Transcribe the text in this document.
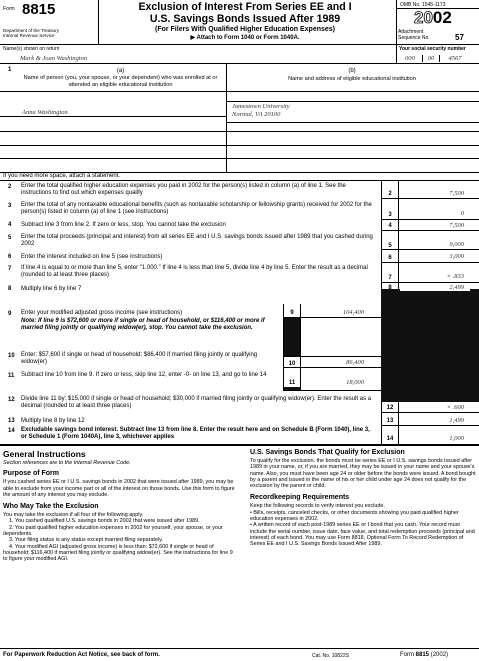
Form 8815
Department of the Treasury
Internal Revenue Service
Exclusion of Interest From Series EE and I
U.S. Savings Bonds Issued After 1989
(For Filers With Qualified Higher Education Expenses)
▶ Attach to Form 1040 or Form 1040A.
OMB No. 1545-1173
2002
Attachment
Sequence No.	57
Name(s) shown on return
Mark & Joan Washington
Your social security number
000 00 4567
1	(a)
Name of person (you, your spouse, or your dependent) who was enrolled at or attended an eligible educational institution
(b)
Name and address of eligible educational institution
Anna Washington
Jamestown University
Normal, VA 20100
If you need more space, attach a statement.
2	Enter the total qualified higher education expenses you paid in 2002 for the person(s) listed in column (a) of line 1. See the instructions to find out which expenses qualify	2	7,500
3	Enter the total of any nontaxable educational benefits (such as nontaxable scholarship or fellowship grants) received for 2002 for the person(s) listed in column (a) of line 1 (see instructions)	3	0
4	Subtract line 3 from line 2. If zero or less, stop. You cannot take the exclusion	4	7,500
5	Enter the total proceeds (principal and interest) from all series EE and I U.S. savings bonds issued after 1989 that you cashed during 2002	5	9,000
6	Enter the interest included on line 5 (see instructions)	6	3,000
7	If line 4 is equal to or more than line 5, enter "1.000." If line 4 is less than line 5, divide line 4 by line 5. Enter the result as a decimal (rounded to at least three places)	7	× .833
8	Multiply line 6 by line 7	8	2,499
9	Enter your modified adjusted gross income (see instructions)
Note: If line 9 is $72,600 or more if single or head of household, or $116,400 or more if married filing jointly or qualifying widow(er), stop. You cannot take the exclusion.
9	104,400
10 Enter: $57,600 if single or head of household; $86,400 if married filing jointly or qualifying widow(er)	10	86,400
11 Subtract line 10 from line 9. If zero or less, skip line 12, enter -0- on line 13, and go to line 14
11	18,000
12 Divide line 11 by: $15,000 if single or head of household; $30,000 if married filing jointly or qualifying widow(er). Enter the result as a decimal (rounded to at least three places)	12	× .600
13 Multiply line 8 by line 12	13	1,499
14 Excludable savings bond interest. Subtract line 13 from line 8. Enter the result here and on Schedule B (Form 1040), line 3, or Schedule 1 (Form 1040A), line 3, whichever applies	14	1,000
General Instructions
Section references are to the Internal Revenue Code.
Purpose of Form
If you cashed series EE or I U.S. savings bonds in 2002 that were issued after 1989, you may be able to exclude from your income part or all of the interest on those bonds. Use this form to figure the amount of any interest you may exclude.
Who May Take the Exclusion
You may take the exclusion if all four of the following apply.
1. You cashed qualified U.S. savings bonds in 2002 that were issued after 1989.
2. You paid qualified higher education expenses in 2002 for yourself, your spouse, or your dependents.
3. Your filing status is any status except married filing separately.
4. Your modified AGI (adjusted gross income) is less than: $72,600 if single or head of household; $116,400 if married filing jointly or qualifying widow(er). See the instructions for line 9 to figure your modified AGI.
U.S. Savings Bonds That Qualify for Exclusion
To qualify for the exclusion, the bonds must be series EE or I U.S. savings bonds issued after 1989 in your name, or, if you are married, they may be issued in your name and your spouse's name. Also, you must have been age 24 or older before the bonds were issued. A bond bought by a parent and issued in the name of his or her child under age 24 does not qualify for the exclusion by the parent or child.
Recordkeeping Requirements
Keep the following records to verify interest you exclude.
• Bills, receipts, canceled checks, or other documents showing you paid qualified higher education expenses in 2002.
• A written record of each post-1989 series EE or I bond that you cash. Your record must include the serial number, issue date, face value, and total redemption proceeds (principal and interest) of each bond. You may use Form 8818, Optional Form To Record Redemption of Series EE and I U.S. Savings Bonds Issued After 1989.
For Paperwork Reduction Act Notice, see back of form.	Cat. No. 10822S	Form 8815 (2002)
